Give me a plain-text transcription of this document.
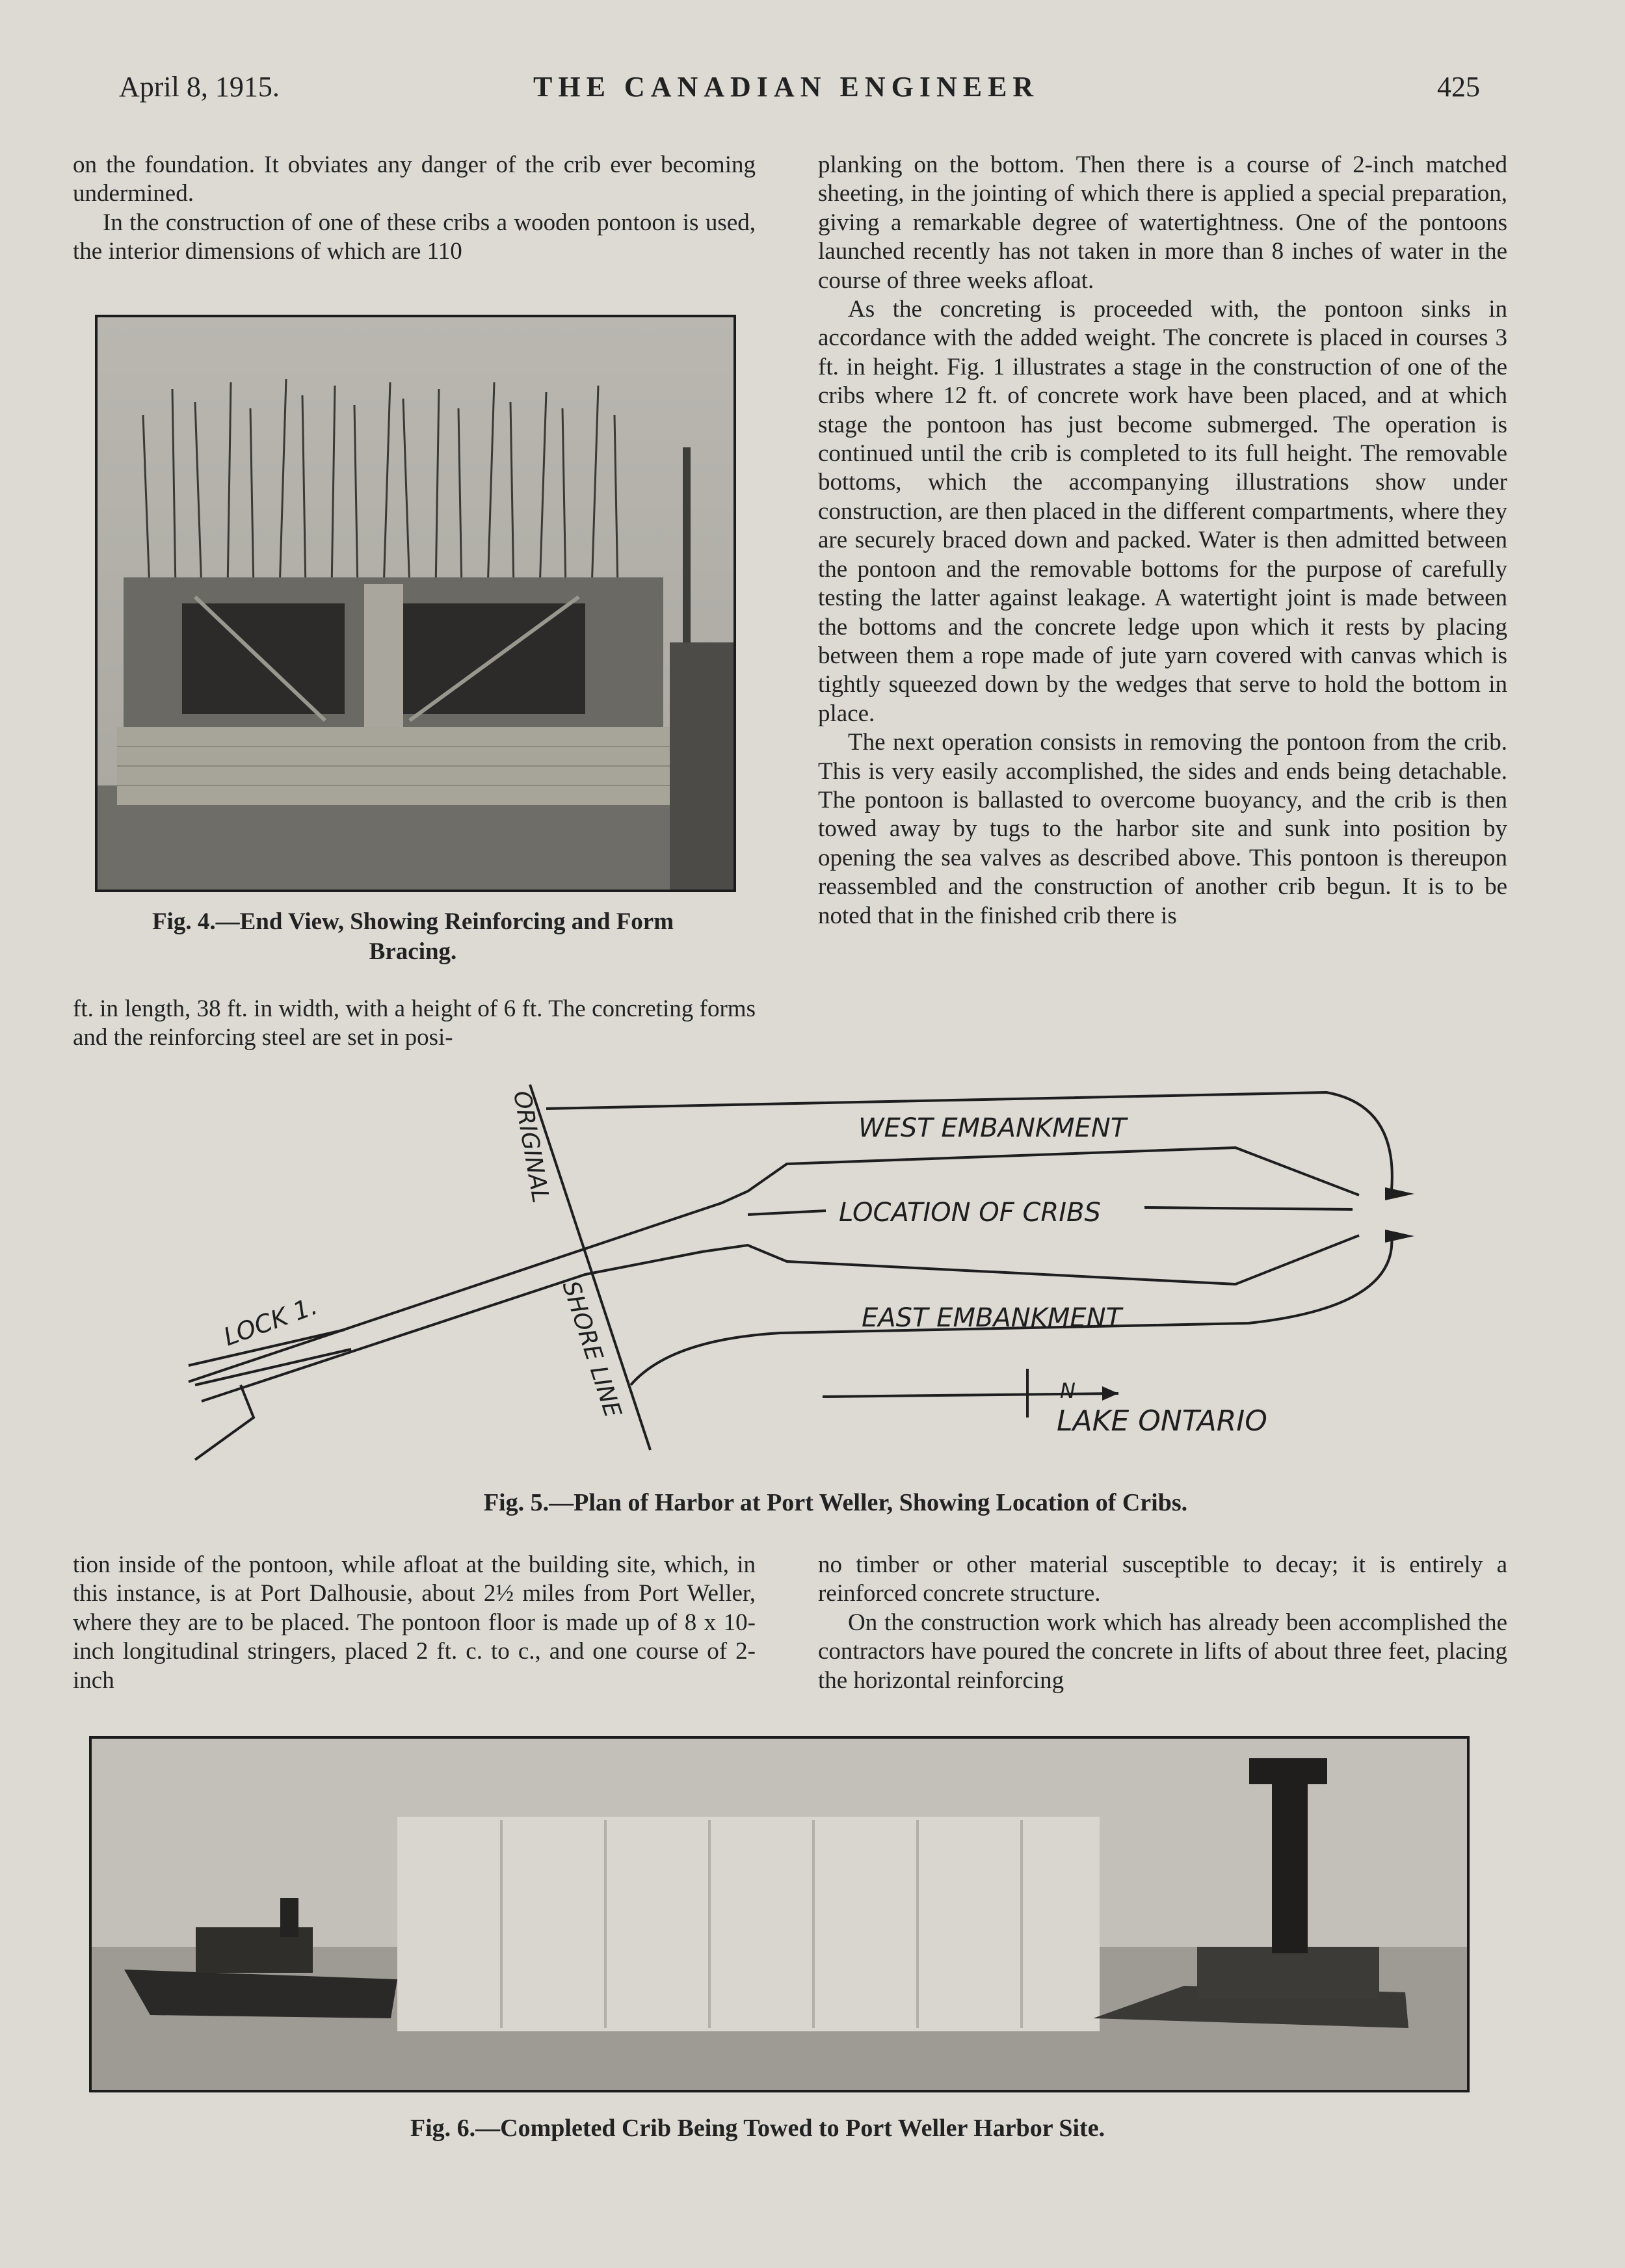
April 8, 1915.	THE CANADIAN ENGINEER	425

on the foundation. It obviates any danger of the crib ever becoming undermined.

In the construction of one of these cribs a wooden pontoon is used, the interior dimensions of which are 110

Fig. 4.—End View, Showing Reinforcing and Form
Bracing.

ft. in length, 38 ft. in width, with a height of 6 ft. The concreting forms and the reinforcing steel are set in posi-

planking on the bottom. Then there is a course of 2-inch matched sheeting, in the jointing of which there is applied a special preparation, giving a remarkable degree of watertightness. One of the pontoons launched recently has not taken in more than 8 inches of water in the course of three weeks afloat.

As the concreting is proceeded with, the pontoon sinks in accordance with the added weight. The concrete is placed in courses 3 ft. in height. Fig. 1 illustrates a stage in the construction of one of the cribs where 12 ft. of concrete work have been placed, and at which stage the pontoon has just become submerged. The operation is continued until the crib is completed to its full height. The removable bottoms, which the accompanying illustrations show under construction, are then placed in the different compartments, where they are securely braced down and packed. Water is then admitted between the pontoon and the removable bottoms for the purpose of carefully testing the latter against leakage. A watertight joint is made between the bottoms and the concrete ledge upon which it rests by placing between them a rope made of jute yarn covered with canvas which is tightly squeezed down by the wedges that serve to hold the bottom in place.

The next operation consists in removing the pontoon from the crib. This is very easily accomplished, the sides and ends being detachable. The pontoon is ballasted to overcome buoyancy, and the crib is then towed away by tugs to the harbor site and sunk into position by opening the sea valves as described above. This pontoon is thereupon reassembled and the construction of another crib begun. It is to be noted that in the finished crib there is

WEST EMBANKMENT
EAST EMBANKMENT
LOCATION OF CRIBS
ORIGINAL
SHORE LINE
LOCK 1.
N
LAKE ONTARIO
Fig. 5.—Plan of Harbor at Port Weller, Showing Location of Cribs.

tion inside of the pontoon, while afloat at the building site, which, in this instance, is at Port Dalhousie, about 2½ miles from Port Weller, where they are to be placed. The pontoon floor is made up of 8 x 10-inch longitudinal stringers, placed 2 ft. c. to c., and one course of 2-inch

no timber or other material susceptible to decay; it is entirely a reinforced concrete structure.

On the construction work which has already been accomplished the contractors have poured the concrete in lifts of about three feet, placing the horizontal reinforcing

Fig. 6.—Completed Crib Being Towed to Port Weller Harbor Site.
